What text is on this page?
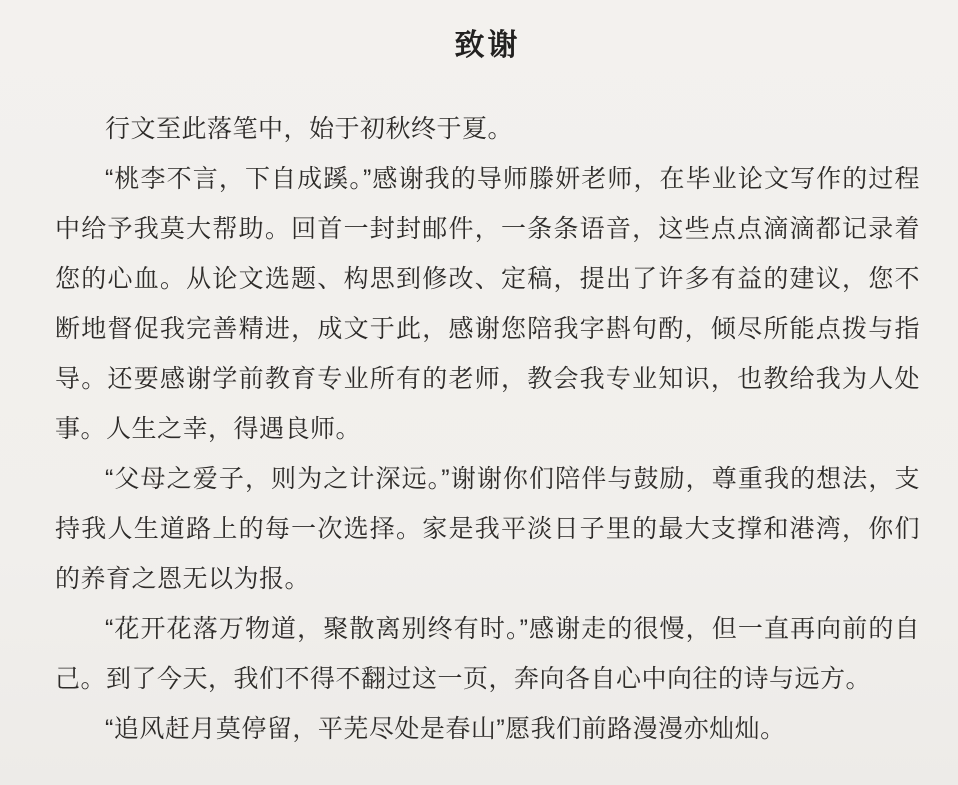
致谢

行文至此落笔中，始于初秋终于夏。

“桃李不言，下自成蹊。”感谢我的导师滕妍老师，在毕业论文写作的过程中给予我莫大帮助。回首一封封邮件，一条条语音，这些点点滴滴都记录着您的心血。从论文选题、构思到修改、定稿，提出了许多有益的建议，您不断地督促我完善精进，成文于此，感谢您陪我字斟句酌，倾尽所能点拨与指导。还要感谢学前教育专业所有的老师，教会我专业知识，也教给我为人处事。人生之幸，得遇良师。

“父母之爱子，则为之计深远。”谢谢你们陪伴与鼓励，尊重我的想法，支持我人生道路上的每一次选择。家是我平淡日子里的最大支撑和港湾，你们的养育之恩无以为报。

“花开花落万物道，聚散离别终有时。”感谢走的很慢，但一直再向前的自己。到了今天，我们不得不翻过这一页，奔向各自心中向往的诗与远方。

“追风赶月莫停留，平芜尽处是春山”愿我们前路漫漫亦灿灿。
